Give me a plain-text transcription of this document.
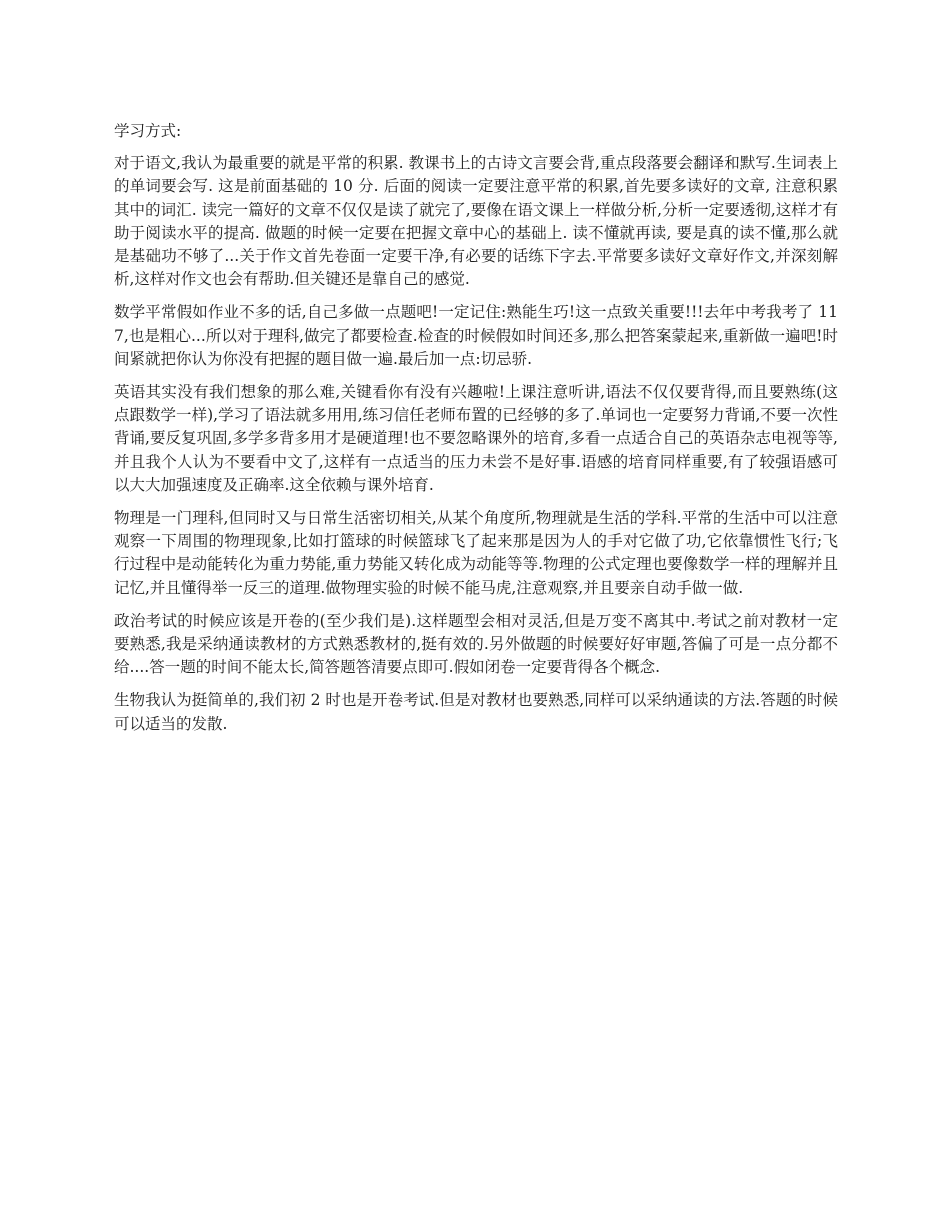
学习方式:

对于语文,我认为最重要的就是平常的积累. 教课书上的古诗文言要会背,重点段落要会翻译和默写.生词表上的单词要会写. 这是前面基础的 10 分. 后面的阅读一定要注意平常的积累,首先要多读好的文章, 注意积累其中的词汇. 读完一篇好的文章不仅仅是读了就完了,要像在语文课上一样做分析,分析一定要透彻,这样才有助于阅读水平的提高. 做题的时候一定要在把握文章中心的基础上. 读不懂就再读, 要是真的读不懂,那么就是基础功不够了...关于作文首先卷面一定要干净,有必要的话练下字去.平常要多读好文章好作文,并深刻解析,这样对作文也会有帮助.但关键还是靠自己的感觉.

数学平常假如作业不多的话,自己多做一点题吧!一定记住:熟能生巧!这一点致关重要!!!去年中考我考了 117,也是粗心...所以对于理科,做完了都要检查.检查的时候假如时间还多,那么把答案蒙起来,重新做一遍吧!时间紧就把你认为你没有把握的题目做一遍.最后加一点:切忌骄.

英语其实没有我们想象的那么难,关键看你有没有兴趣啦!上课注意听讲,语法不仅仅要背得,而且要熟练(这点跟数学一样),学习了语法就多用用,练习信任老师布置的已经够的多了.单词也一定要努力背诵,不要一次性背诵,要反复巩固,多学多背多用才是硬道理!也不要忽略课外的培育,多看一点适合自己的英语杂志电视等等,并且我个人认为不要看中文了,这样有一点适当的压力未尝不是好事.语感的培育同样重要,有了较强语感可以大大加强速度及正确率.这全依赖与课外培育.

物理是一门理科,但同时又与日常生活密切相关,从某个角度所,物理就是生活的学科.平常的生活中可以注意观察一下周围的物理现象,比如打篮球的时候篮球飞了起来那是因为人的手对它做了功,它依靠惯性飞行;飞行过程中是动能转化为重力势能,重力势能又转化成为动能等等.物理的公式定理也要像数学一样的理解并且记忆,并且懂得举一反三的道理.做物理实验的时候不能马虎,注意观察,并且要亲自动手做一做.

政治考试的时候应该是开卷的(至少我们是).这样题型会相对灵活,但是万变不离其中.考试之前对教材一定要熟悉,我是采纳通读教材的方式熟悉教材的,挺有效的.另外做题的时候要好好审题,答偏了可是一点分都不给....答一题的时间不能太长,简答题答清要点即可.假如闭卷一定要背得各个概念.

生物我认为挺简单的,我们初 2 时也是开卷考试.但是对教材也要熟悉,同样可以采纳通读的方法.答题的时候可以适当的发散.
